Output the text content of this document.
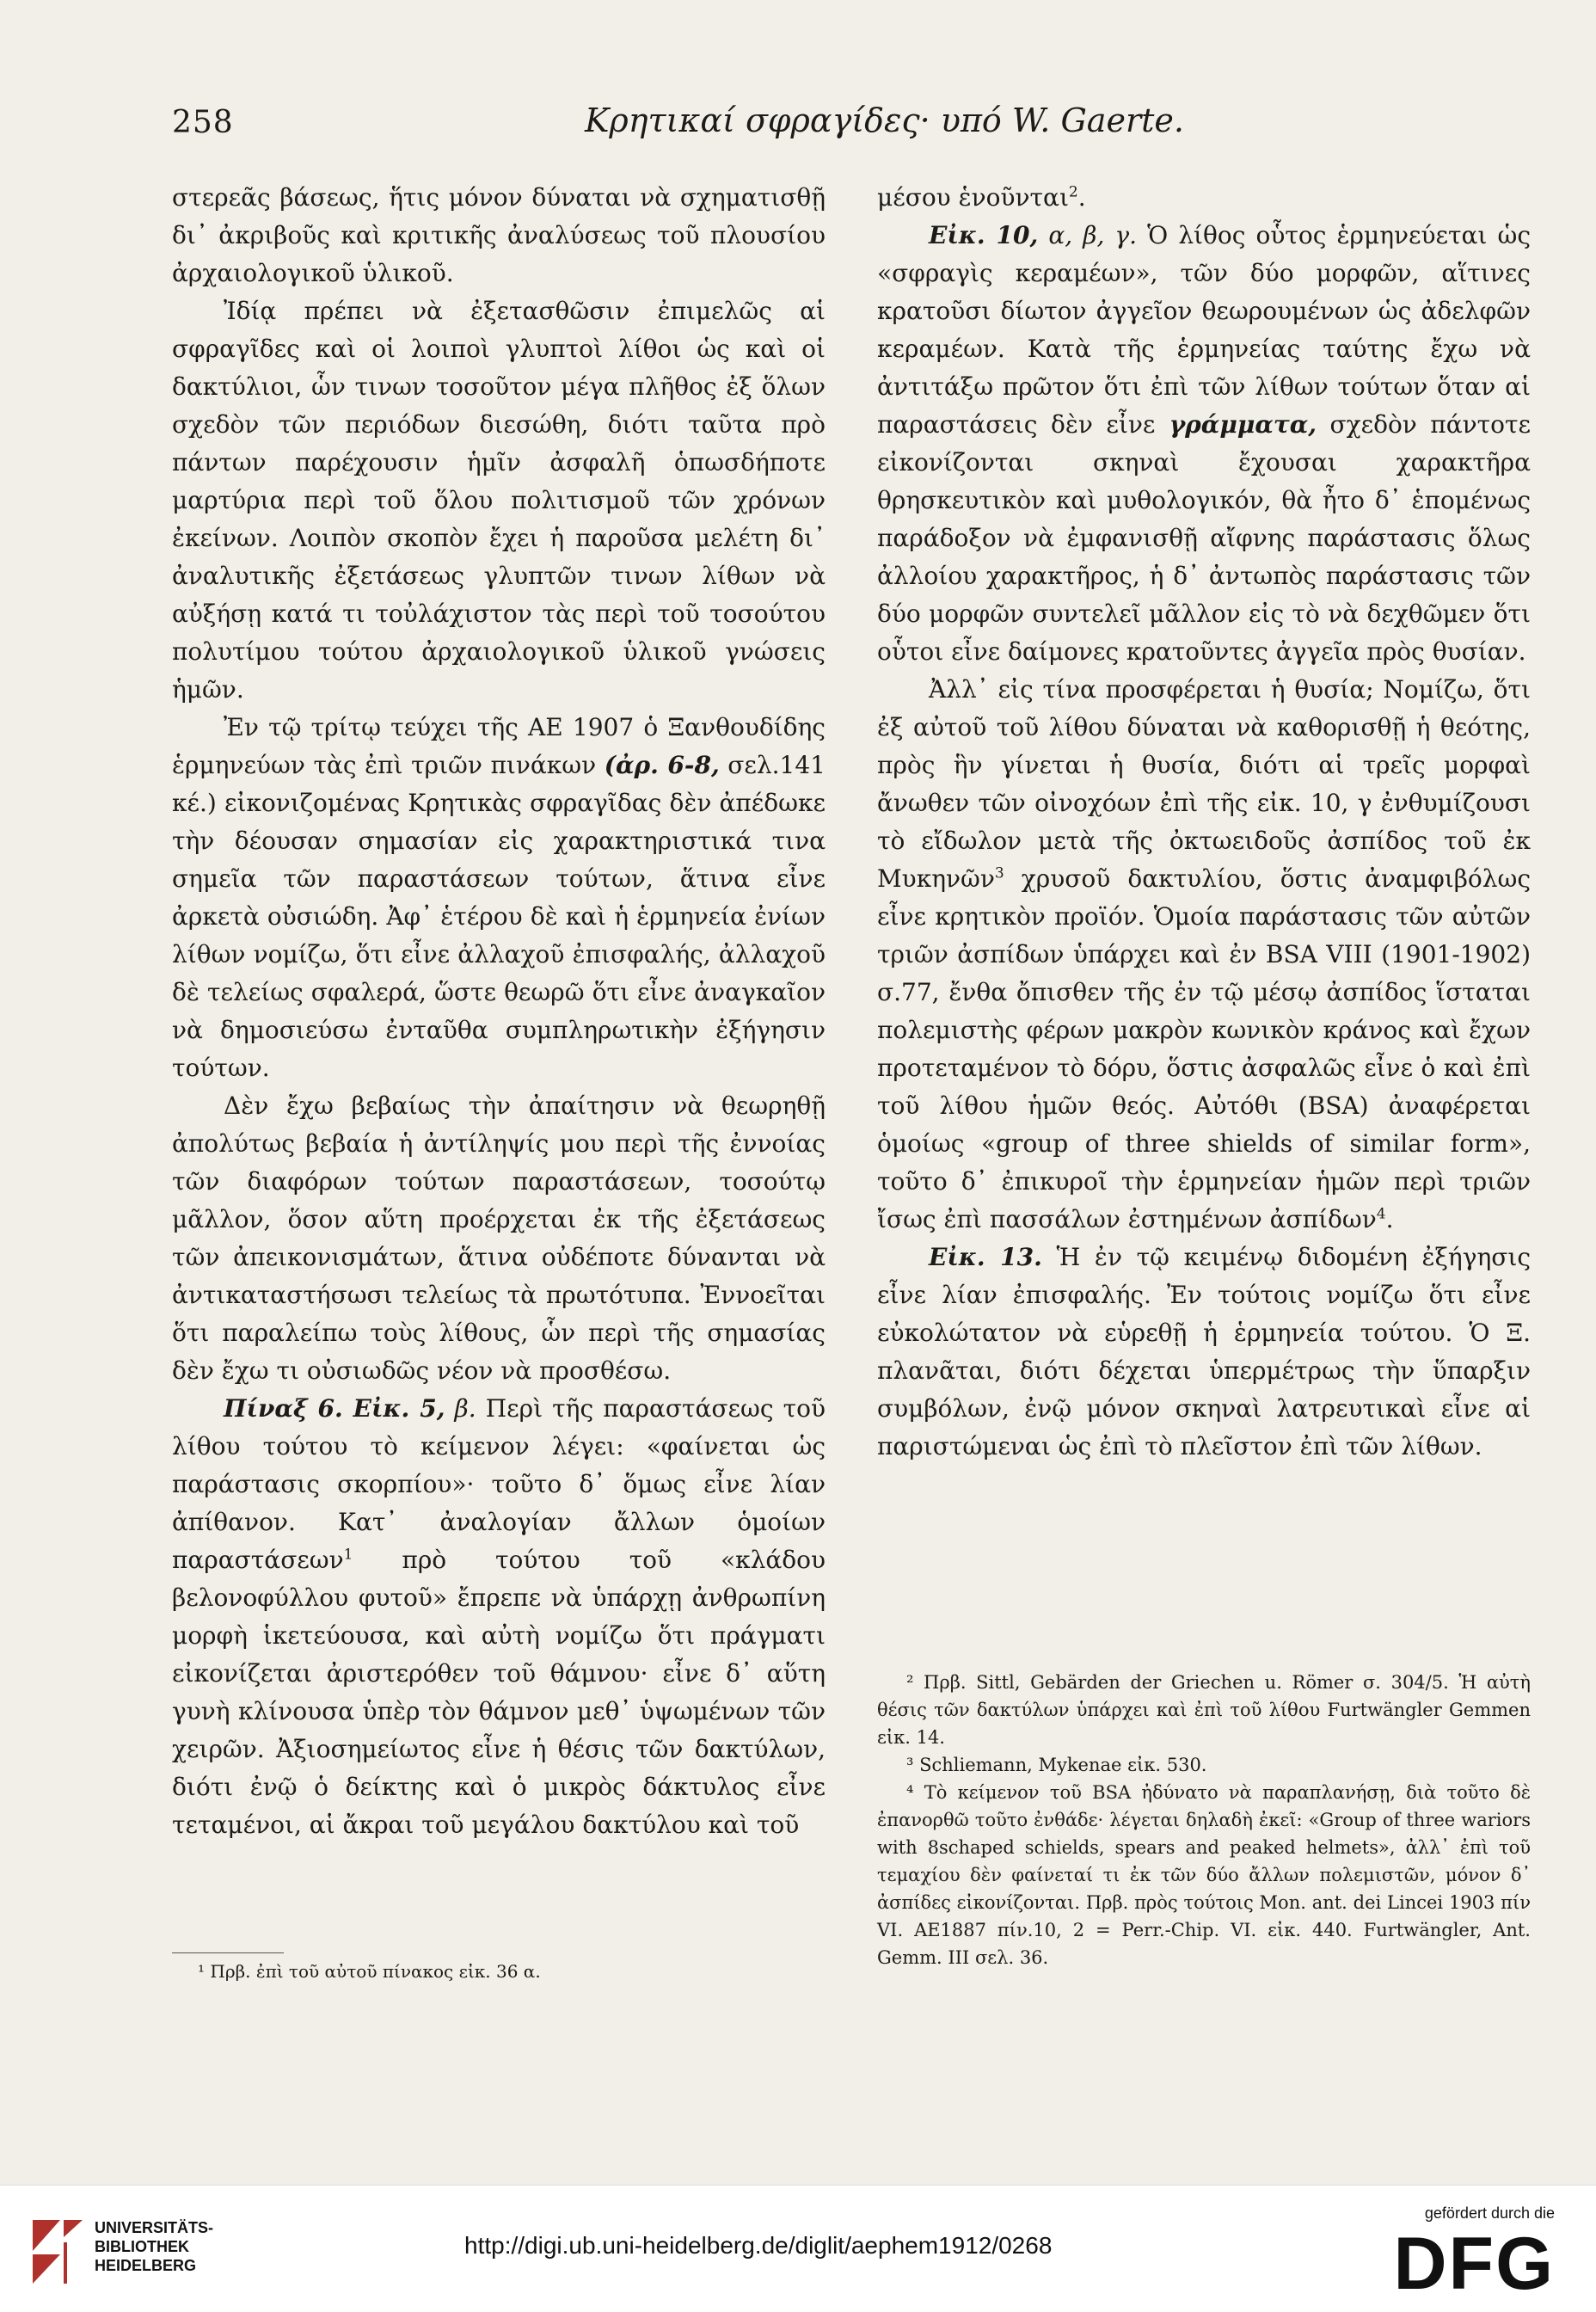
258	Κρητικαί σφραγίδες· υπό W. Gaerte.

στερεᾶς βάσεως, ἥτις μόνον δύναται νὰ σχηματισθῇ δι᾽ ἀκριβοῦς καὶ κριτικῆς ἀναλύσεως τοῦ πλουσίου ἀρχαιολογικοῦ ὑλικοῦ.

Ἰδίᾳ πρέπει νὰ ἐξετασθῶσιν ἐπιμελῶς αἱ σφραγῖδες καὶ οἱ λοιποὶ γλυπτοὶ λίθοι ὡς καὶ οἱ δακτύλιοι, ὧν τινων τοσοῦτον μέγα πλῆθος ἐξ ὅλων σχεδὸν τῶν περιόδων διεσώθη, διότι ταῦτα πρὸ πάντων παρέχουσιν ἡμῖν ἀσφαλῆ ὁπωσδήποτε μαρτύρια περὶ τοῦ ὅλου πολιτισμοῦ τῶν χρόνων ἐκείνων. Λοιπὸν σκοπὸν ἔχει ἡ παροῦσα μελέτη δι᾽ ἀναλυτικῆς ἐξετάσεως γλυπτῶν τινων λίθων νὰ αὐξήσῃ κατά τι τοὐλάχιστον τὰς περὶ τοῦ τοσούτου πολυτίμου τούτου ἀρχαιολογικοῦ ὑλικοῦ γνώσεις ἡμῶν.

Ἐν τῷ τρίτῳ τεύχει τῆς ΑΕ 1907 ὁ Ξανθουδίδης ἑρμηνεύων τὰς ἐπὶ τριῶν πινάκων (ἀρ. 6-8, σελ.141 κέ.) εἰκονιζομένας Κρητικὰς σφραγῖδας δὲν ἀπέδωκε τὴν δέουσαν σημασίαν εἰς χαρακτηριστικά τινα σημεῖα τῶν παραστάσεων τούτων, ἅτινα εἶνε ἀρκετὰ οὐσιώδη. Ἀφ᾽ ἑτέρου δὲ καὶ ἡ ἑρμηνεία ἐνίων λίθων νομίζω, ὅτι εἶνε ἀλλαχοῦ ἐπισφαλής, ἀλλαχοῦ δὲ τελείως σφαλερά, ὥστε θεωρῶ ὅτι εἶνε ἀναγκαῖον νὰ δημοσιεύσω ἐνταῦθα συμπληρωτικὴν ἐξήγησιν τούτων.

Δὲν ἔχω βεβαίως τὴν ἀπαίτησιν νὰ θεωρηθῇ ἀπολύτως βεβαία ἡ ἀντίληψίς μου περὶ τῆς ἐννοίας τῶν διαφόρων τούτων παραστάσεων, τοσούτῳ μᾶλλον, ὅσον αὕτη προέρχεται ἐκ τῆς ἐξετάσεως τῶν ἀπεικονισμάτων, ἅτινα οὐδέποτε δύνανται νὰ ἀντικαταστήσωσι τελείως τὰ πρωτότυπα. Ἐννοεῖται ὅτι παραλείπω τοὺς λίθους, ὧν περὶ τῆς σημασίας δὲν ἔχω τι οὐσιωδῶς νέον νὰ προσθέσω.

Πίναξ 6. Εἰκ. 5, β. Περὶ τῆς παραστάσεως τοῦ λίθου τούτου τὸ κείμενον λέγει: «φαίνεται ὡς παράστασις σκορπίου»· τοῦτο δ᾽ ὅμως εἶνε λίαν ἀπίθανον. Κατ᾽ ἀναλογίαν ἄλλων ὁμοίων παραστάσεων$^1$ πρὸ τούτου τοῦ «κλάδου βελονοφύλλου φυτοῦ» ἔπρεπε νὰ ὑπάρχῃ ἀνθρωπίνη μορφὴ ἱκετεύουσα, καὶ αὐτὴ νομίζω ὅτι πράγματι εἰκονίζεται ἀριστερόθεν τοῦ θάμνου· εἶνε δ᾽ αὕτη γυνὴ κλίνουσα ὑπὲρ τὸν θάμνον μεθ᾽ ὑψωμένων τῶν χειρῶν. Ἀξιοσημείωτος εἶνε ἡ θέσις τῶν δακτύλων, διότι ἐνῷ ὁ δείκτης καὶ ὁ μικρὸς δάκτυλος εἶνε τεταμένοι, αἱ ἄκραι τοῦ μεγάλου δακτύλου καὶ τοῦ

¹ Πρβ. ἐπὶ τοῦ αὐτοῦ πίνακος εἰκ. 36 α.

μέσου ἑνοῦνται$^2$.

Εἰκ. 10, α, β, γ. Ὁ λίθος οὗτος ἑρμηνεύεται ὡς «σφραγὶς κεραμέων», τῶν δύο μορφῶν, αἵτινες κρατοῦσι δίωτον ἀγγεῖον θεωρουμένων ὡς ἀδελφῶν κεραμέων. Κατὰ τῆς ἑρμηνείας ταύτης ἔχω νὰ ἀντιτάξω πρῶτον ὅτι ἐπὶ τῶν λίθων τούτων ὅταν αἱ παραστάσεις δὲν εἶνε γράμματα, σχεδὸν πάντοτε εἰκονίζονται σκηναὶ ἔχουσαι χαρακτῆρα θρησκευτικὸν καὶ μυθολογικόν, θὰ ἦτο δ᾽ ἑπομένως παράδοξον νὰ ἐμφανισθῇ αἴφνης παράστασις ὅλως ἀλλοίου χαρακτῆρος, ἡ δ᾽ ἀντωπὸς παράστασις τῶν δύο μορφῶν συντελεῖ μᾶλλον εἰς τὸ νὰ δεχθῶμεν ὅτι οὗτοι εἶνε δαίμονες κρατοῦντες ἀγγεῖα πρὸς θυσίαν.

Ἀλλ᾽ εἰς τίνα προσφέρεται ἡ θυσία; Νομίζω, ὅτι ἐξ αὐτοῦ τοῦ λίθου δύναται νὰ καθορισθῇ ἡ θεότης, πρὸς ἣν γίνεται ἡ θυσία, διότι αἱ τρεῖς μορφαὶ ἄνωθεν τῶν οἰνοχόων ἐπὶ τῆς εἰκ. 10, γ ἐνθυμίζουσι τὸ εἴδωλον μετὰ τῆς ὀκτωειδοῦς ἀσπίδος τοῦ ἐκ Μυκηνῶν$^3$ χρυσοῦ δακτυλίου, ὅστις ἀναμφιβόλως εἶνε κρητικὸν προϊόν. Ὁμοία παράστασις τῶν αὐτῶν τριῶν ἀσπίδων ὑπάρχει καὶ ἐν BSA VIII (1901-1902) σ.77, ἔνθα ὄπισθεν τῆς ἐν τῷ μέσῳ ἀσπίδος ἵσταται πολεμιστὴς φέρων μακρὸν κωνικὸν κράνος καὶ ἔχων προτεταμένον τὸ δόρυ, ὅστις ἀσφαλῶς εἶνε ὁ καὶ ἐπὶ τοῦ λίθου ἡμῶν θεός. Αὐτόθι (BSA) ἀναφέρεται ὁμοίως «group of three shields of similar form», τοῦτο δ᾽ ἐπικυροῖ τὴν ἑρμηνείαν ἡμῶν περὶ τριῶν ἴσως ἐπὶ πασσάλων ἐστημένων ἀσπίδων$^4$.

Εἰκ. 13. Ἡ ἐν τῷ κειμένῳ διδομένη ἐξήγησις εἶνε λίαν ἐπισφαλής. Ἐν τούτοις νομίζω ὅτι εἶνε εὐκολώτατον νὰ εὑρεθῇ ἡ ἑρμηνεία τούτου. Ὁ Ξ. πλανᾶται, διότι δέχεται ὑπερμέτρως τὴν ὕπαρξιν συμβόλων, ἐνῷ μόνον σκηναὶ λατρευτικαὶ εἶνε αἱ παριστώμεναι ὡς ἐπὶ τὸ πλεῖστον ἐπὶ τῶν λίθων.

² Πρβ. Sittl, Gebärden der Griechen u. Römer σ. 304/5. Ἡ αὐτὴ θέσις τῶν δακτύλων ὑπάρχει καὶ ἐπὶ τοῦ λίθου Furtwängler Gemmen εἰκ. 14.

³ Schliemann, Mykenae εἰκ. 530.

⁴ Τὸ κείμενον τοῦ BSA ἠδύνατο νὰ παραπλανήσῃ, διὰ τοῦτο δὲ ἐπανορθῶ τοῦτο ἐνθάδε· λέγεται δηλαδὴ ἐκεῖ: «Group of three wariors with 8schaped schields, spears and peaked helmets», ἀλλ᾽ ἐπὶ τοῦ τεμαχίου δὲν φαίνεταί τι ἐκ τῶν δύο ἄλλων πολεμιστῶν, μόνον δ᾽ ἀσπίδες εἰκονίζονται. Πρβ. πρὸς τούτοις Mon. ant. dei Lincei 1903 πίν VI. AE1887 πίν.10, 2 = Perr.-Chip. VI. εἰκ. 440. Furtwängler, Ant. Gemm. III σελ. 36.

UNIVERSITÄTS-
BIBLIOTHEK
HEIDELBERG
http://digi.ub.uni-heidelberg.de/diglit/aephem1912/0268
gefördert durch die
DFG
